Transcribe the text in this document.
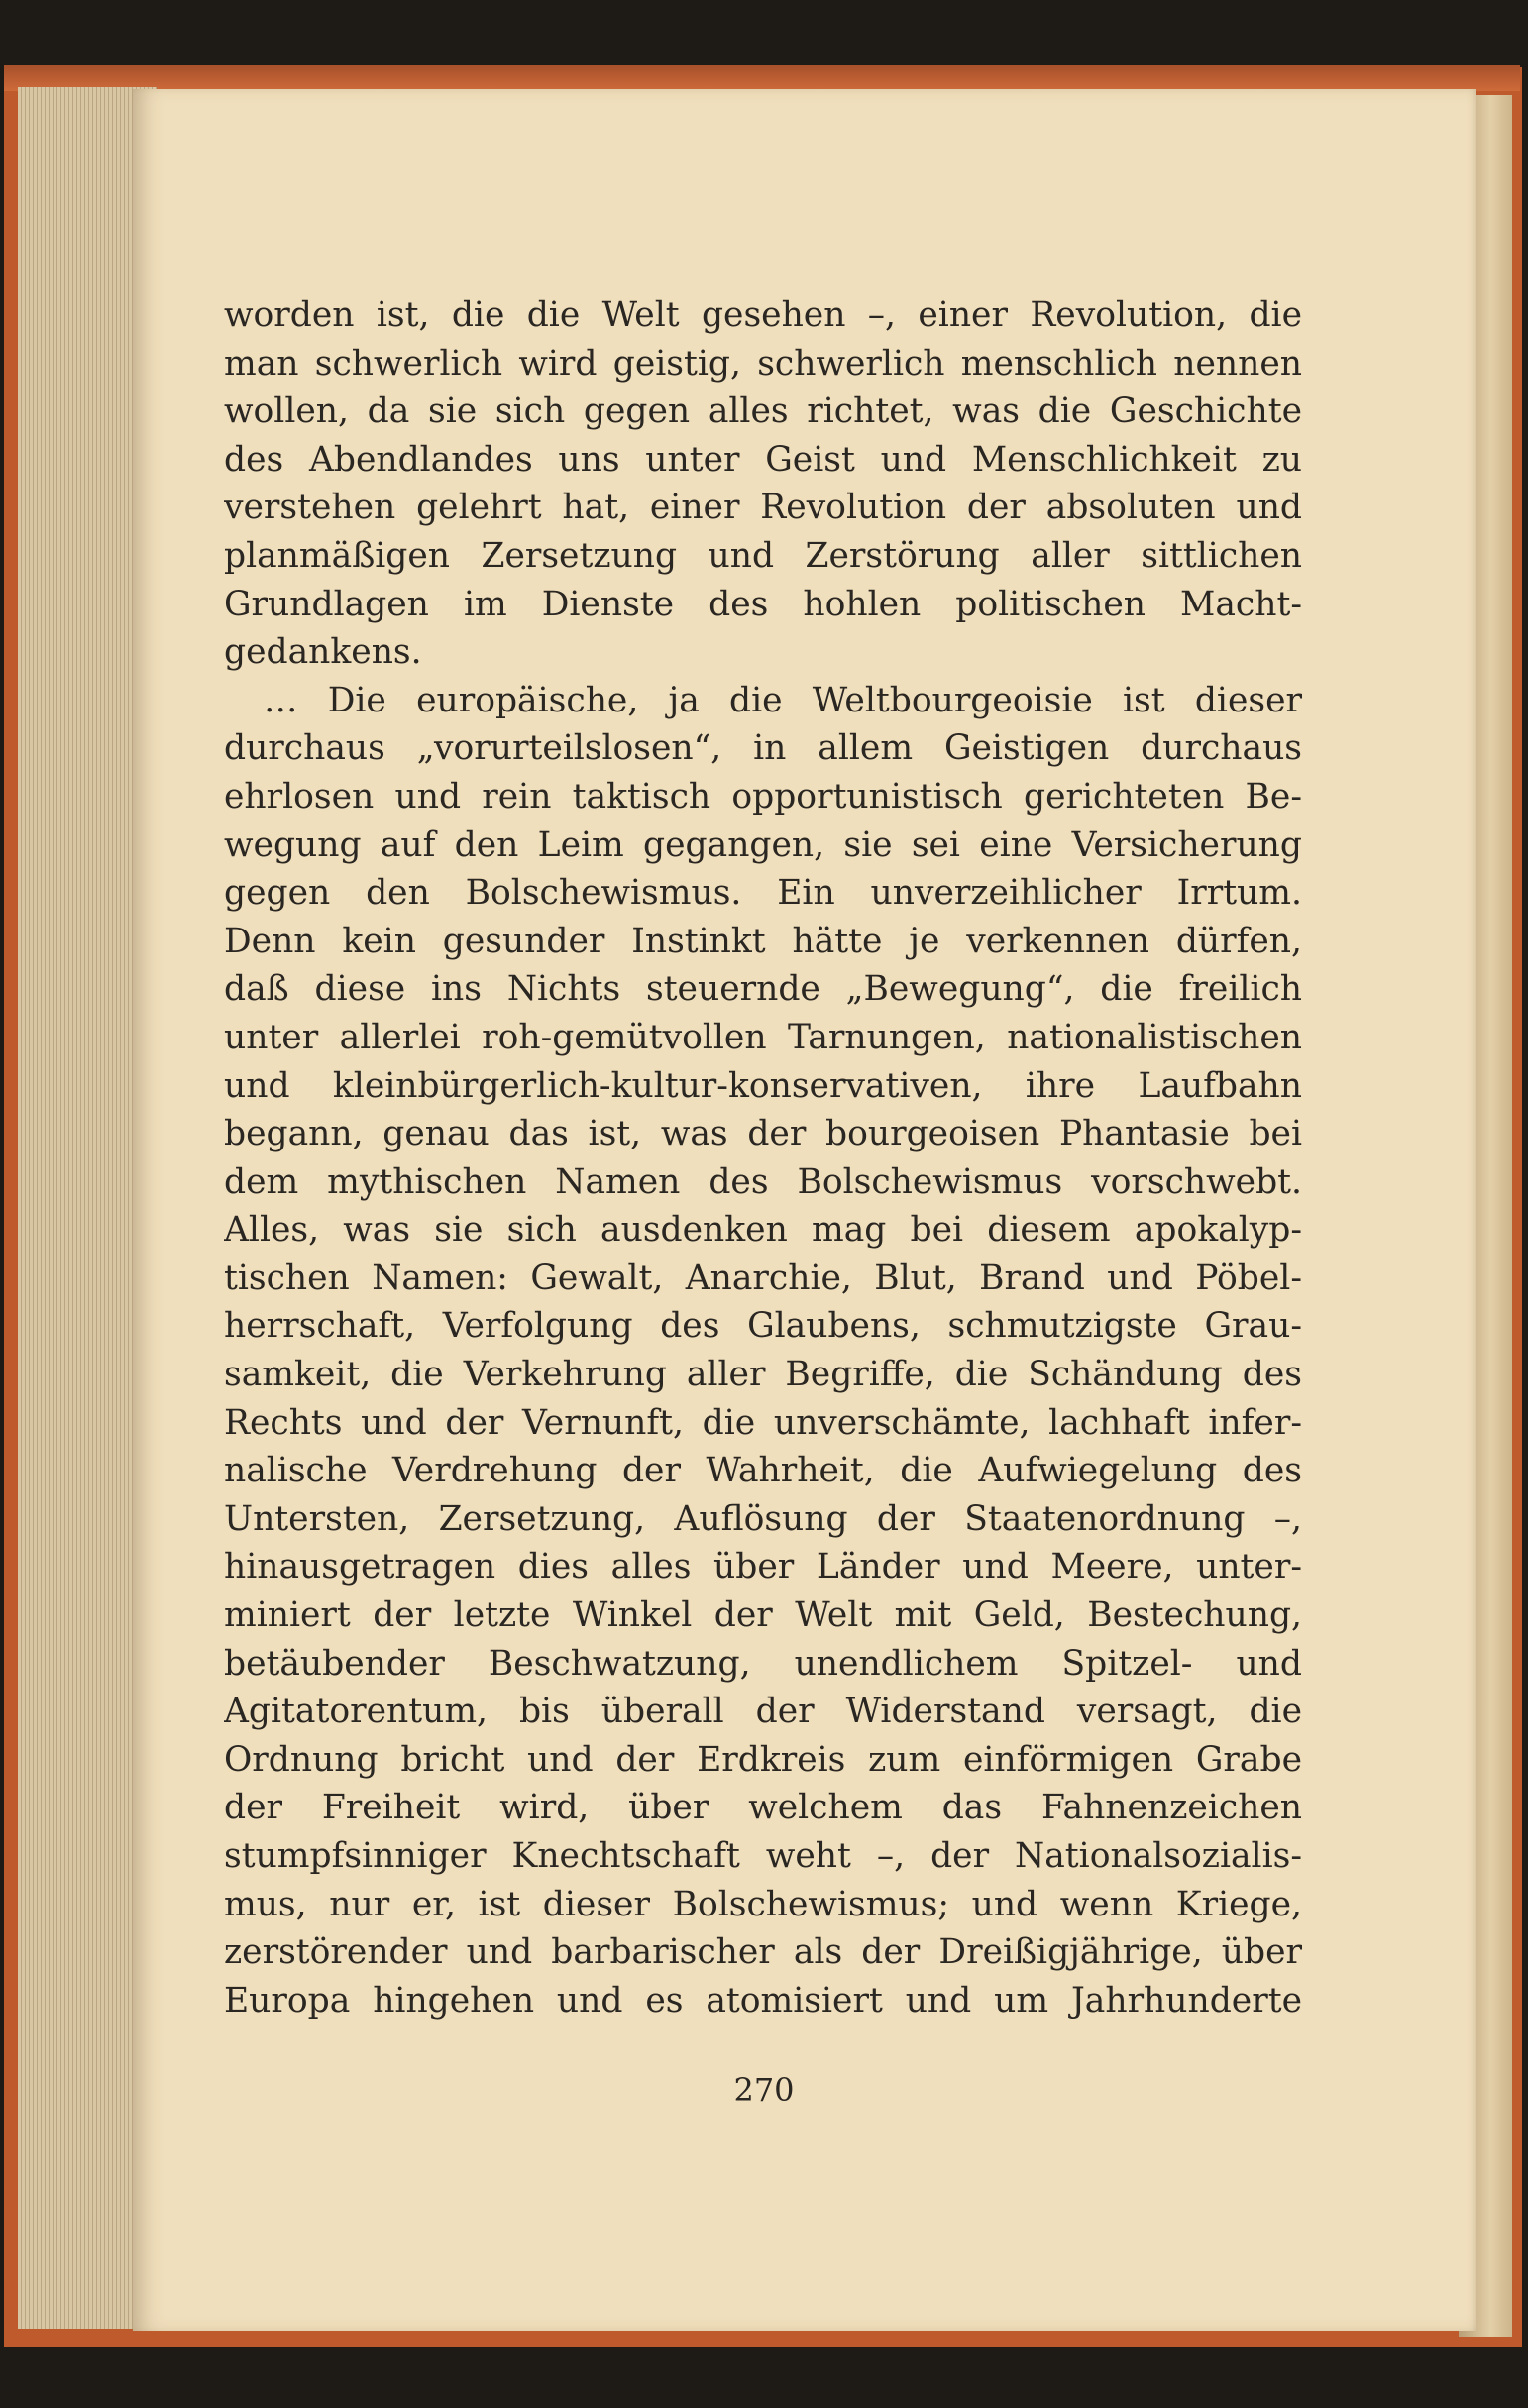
worden ist, die die Welt gesehen –, einer Revolution, die
man schwerlich wird geistig, schwerlich menschlich nennen
wollen, da sie sich gegen alles richtet, was die Geschichte
des Abendlandes uns unter Geist und Menschlichkeit zu
verstehen gelehrt hat, einer Revolution der absoluten und
planmäßigen Zersetzung und Zerstörung aller sittlichen
Grundlagen im Dienste des hohlen politischen Macht-
gedankens.
… Die europäische, ja die Weltbourgeoisie ist dieser
durchaus „vorurteilslosen“, in allem Geistigen durchaus
ehrlosen und rein taktisch opportunistisch gerichteten Be-
wegung auf den Leim gegangen, sie sei eine Versicherung
gegen den Bolschewismus. Ein unverzeihlicher Irrtum.
Denn kein gesunder Instinkt hätte je verkennen dürfen,
daß diese ins Nichts steuernde „Bewegung“, die freilich
unter allerlei roh-gemütvollen Tarnungen, nationalistischen
und kleinbürgerlich-kultur-konservativen, ihre Laufbahn
begann, genau das ist, was der bourgeoisen Phantasie bei
dem mythischen Namen des Bolschewismus vorschwebt.
Alles, was sie sich ausdenken mag bei diesem apokalyp-
tischen Namen: Gewalt, Anarchie, Blut, Brand und Pöbel-
herrschaft, Verfolgung des Glaubens, schmutzigste Grau-
samkeit, die Verkehrung aller Begriffe, die Schändung des
Rechts und der Vernunft, die unverschämte, lachhaft infer-
nalische Verdrehung der Wahrheit, die Aufwiegelung des
Untersten, Zersetzung, Auflösung der Staatenordnung –,
hinausgetragen dies alles über Länder und Meere, unter-
miniert der letzte Winkel der Welt mit Geld, Bestechung,
betäubender Beschwatzung, unendlichem Spitzel- und
Agitatorentum, bis überall der Widerstand versagt, die
Ordnung bricht und der Erdkreis zum einförmigen Grabe
der Freiheit wird, über welchem das Fahnenzeichen
stumpfsinniger Knechtschaft weht –, der Nationalsozialis-
mus, nur er, ist dieser Bolschewismus; und wenn Kriege,
zerstörender und barbarischer als der Dreißigjährige, über
Europa hingehen und es atomisiert und um Jahrhunderte
270
